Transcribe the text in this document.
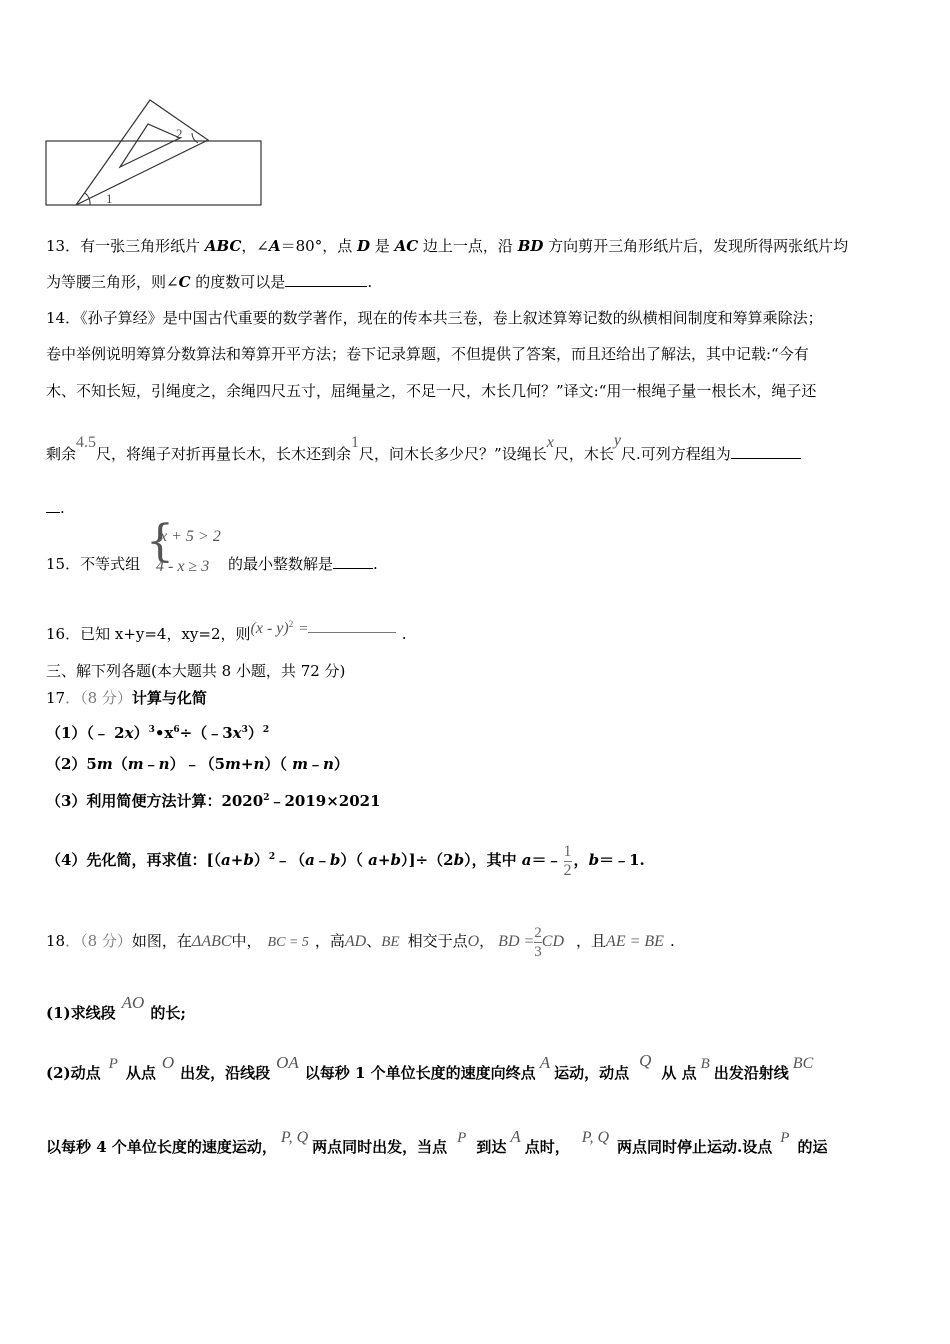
2
1
13．有一张三角形纸片 ABC，∠A＝80°，点 D 是 AC 边上一点，沿 BD 方向剪开三角形纸片后，发现所得两张纸片均
为等腰三角形，则∠C 的度数可以是	.
14．《孙子算经》是中国古代重要的数学著作，现在的传本共三卷，卷上叙述算筹记数的纵横相间制度和筹算乘除法；
卷中举例说明筹算分数算法和筹算开平方法；卷下记录算题，不但提供了答案，而且还给出了解法，其中记载:“今有
木、不知长短，引绳度之，余绳四尺五寸，屈绳量之，不足一尺，木长几何？”译文:“用一根绳子量一根长木，绳子还
剩余4.5尺，将绳子对折再量长木，长木还到余1尺，问木长多少尺？”设绳长x尺，木长y尺.可列方程组为
.
15．不等式组 {
x + 5 > 2
4 - x ≥ 3 的最小整数解是	.
16．已知 x+y=4，xy=2，则(x - y)$^2$ =	.
三、解下列各题(本大题共 8 小题，共 72 分)
17．（8 分）计算与化简
（1）（﹣ $2x)^3•x^6\div(﹣3x^3)^2$
（2）5m（m﹣n）﹣（5m+n）（ m﹣n）
（3）利用简便方法计算：$2020^2﹣2019\times 2021$
（4）先化简，再求值：[$(a+b)^2﹣(a﹣b)$（ a+b）]÷（2b），其中 a＝﹣ $\frac{1}{2}$ ，b＝﹣1.
18．（8 分）如图，在ΔABC中， BC = 5 ，高AD、BE 相交于点O， BD = $\frac{2}{3}$ CD ，且AE = BE .
(1)求线段AO的长;
(2)动点 P 从点O出发，沿线段OA以每秒 1 个单位长度的速度向终点A运动，动点Q从 点 B 出发沿射线BC
以每秒 4 个单位长度的速度运动，P, Q两点同时出发，当点 P 到达A点时，P, Q两点同时停止运动.设点 P 的运
